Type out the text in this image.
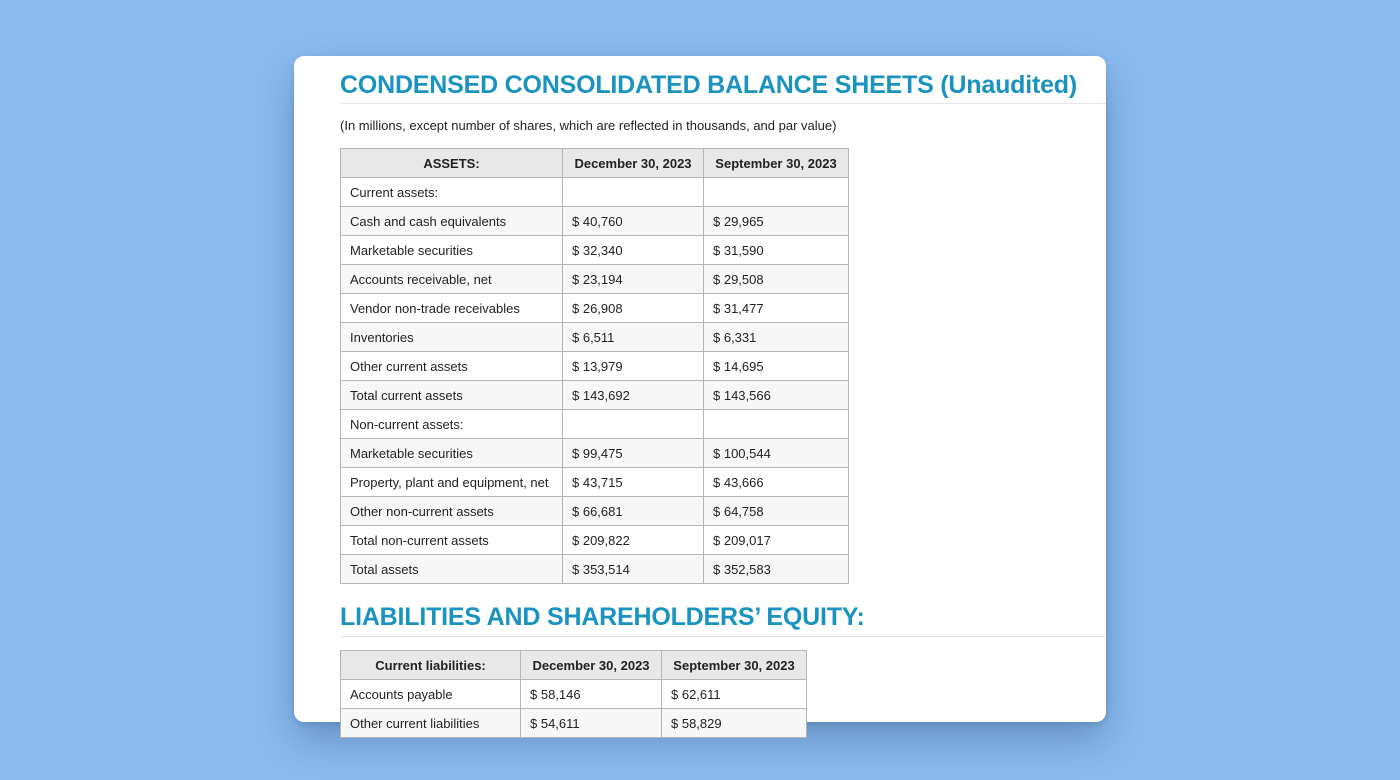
CONDENSED CONSOLIDATED BALANCE SHEETS (Unaudited)
(In millions, except number of shares, which are reflected in thousands, and par value)
ASSETS:	December 30, 2023	September 30, 2023
Current assets:		
Cash and cash equivalents	$ 40,760	$ 29,965
Marketable securities	$ 32,340	$ 31,590
Accounts receivable, net	$ 23,194	$ 29,508
Vendor non-trade receivables	$ 26,908	$ 31,477
Inventories	$ 6,511	$ 6,331
Other current assets	$ 13,979	$ 14,695
Total current assets	$ 143,692	$ 143,566
Non-current assets:		
Marketable securities	$ 99,475	$ 100,544
Property, plant and equipment, net	$ 43,715	$ 43,666
Other non-current assets	$ 66,681	$ 64,758
Total non-current assets	$ 209,822	$ 209,017
Total assets	$ 353,514	$ 352,583
LIABILITIES AND SHAREHOLDERS’ EQUITY:
Current liabilities:	December 30, 2023	September 30, 2023
Accounts payable	$ 58,146	$ 62,611
Other current liabilities	$ 54,611	$ 58,829
